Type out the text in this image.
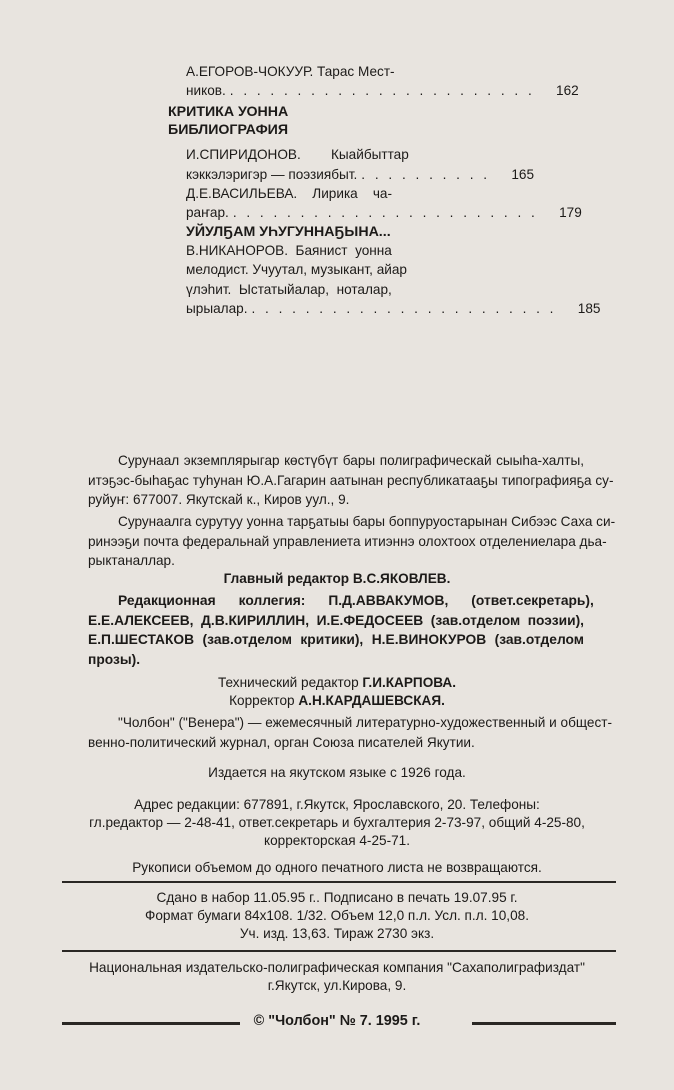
А.ЕГОРОВ-ЧОКУУР. Тарас Мест-
ников. . . . . . . . . . . . . . . . . . . . . . . .	162
КРИТИКА УОННА
БИБЛИОГРАФИЯ
И.СПИРИДОНОВ.        Кыайбыттар
кэккэлэригэр — поэзиябыт. . . . . . . . . . .	165
Д.Е.ВАСИЛЬЕВА.    Лирика    ча-
раҥар. . . . . . . . . . . . . . . . . . . . . . . .	179
УЙУЛҔАМ УҺУГУННАҔЫНА...
В.НИКАНОРОВ.  Баянист  уонна
мелодист. Учуутал, музыкант, айар
үлэһит.  Ыстатыйалар,  ноталар,
ырыалар. . . . . . . . . . . . . . . . . . . . . . . .	185
Сурунаал экземплярыгар көстүбүт бары полиграфическай сыыһа-халты,
итэҕэс-быһаҕас туһунан Ю.А.Гагарин аатынан республикатааҕы типографияҕа су-
руйуҥ: 677007. Якутскай к., Киров уул., 9.
Сурунаалга сурутуу уонна тарҕатыы бары боппуруостарынан Сибээс Саха си-
ринээҕи почта федеральнай управлениета итиэннэ олохтоох отделениелара дьа-
рыктаналлар.
Главный редактор В.С.ЯКОВЛЕВ.
Редакционная      коллегия:      П.Д.АВВАКУМОВ,      (ответ.секретарь),
Е.Е.АЛЕКСЕЕВ, Д.В.КИРИЛЛИН, И.Е.ФЕДОСЕЕВ (зав.отделом поэзии),
Е.П.ШЕСТАКОВ (зав.отделом критики), Н.Е.ВИНОКУРОВ (зав.отделом
прозы).
Технический редактор Г.И.КАРПОВА.
Корректор А.Н.КАРДАШЕВСКАЯ.
"Чолбон" ("Венера") — ежемесячный литературно-художественный и общест-
венно-политический журнал, орган Союза писателей Якутии.
Издается на якутском языке с 1926 года.
Адрес редакции: 677891, г.Якутск, Ярославского, 20. Телефоны:
гл.редактор — 2-48-41, ответ.секретарь и бухгалтерия 2-73-97, общий 4-25-80,
корректорская 4-25-71.
Рукописи объемом до одного печатного листа не возвращаются.
Сдано в набор 11.05.95 г.. Подписано в печать 19.07.95 г.
Формат бумаги 84x108. 1/32. Объем 12,0 п.л. Усл. п.л. 10,08.
Уч. изд. 13,63. Тираж 2730 экз.
Национальная издательско-полиграфическая компания "Сахаполиграфиздат"
г.Якутск, ул.Кирова, 9.
© "Чолбон" № 7. 1995 г.
